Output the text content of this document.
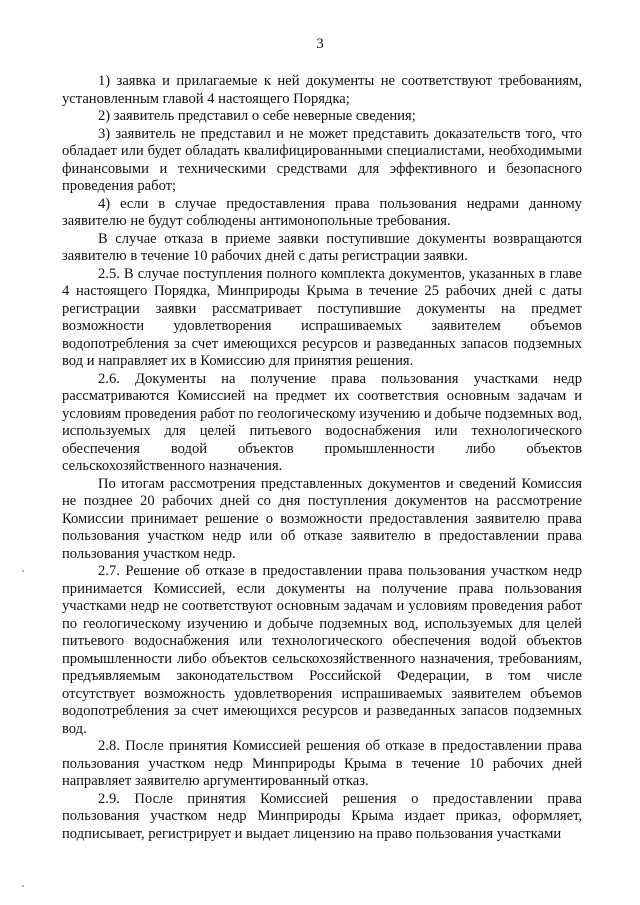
3

1) заявка и прилагаемые к ней документы не соответствуют требованиям, установленным главой 4 настоящего Порядка;

2) заявитель представил о себе неверные сведения;

3) заявитель не представил и не может представить доказательств того, что обладает или будет обладать квалифицированными специалистами, необходимыми финансовыми и техническими средствами для эффективного и безопасного проведения работ;

4) если в случае предоставления права пользования недрами данному заявителю не будут соблюдены антимонопольные требования.

В случае отказа в приеме заявки поступившие документы возвращаются заявителю в течение 10 рабочих дней с даты регистрации заявки.

2.5. В случае поступления полного комплекта документов, указанных в главе 4 настоящего Порядка, Минприроды Крыма в течение 25 рабочих дней с даты регистрации заявки рассматривает поступившие документы на предмет возможности удовлетворения испрашиваемых заявителем объемов водопотребления за счет имеющихся ресурсов и разведанных запасов подземных вод и направляет их в Комиссию для принятия решения.

2.6. Документы на получение права пользования участками недр рассматриваются Комиссией на предмет их соответствия основным задачам и условиям проведения работ по геологическому изучению и добыче подземных вод, используемых для целей питьевого водоснабжения или технологического обеспечения водой объектов промышленности либо объектов сельскохозяйственного назначения.

По итогам рассмотрения представленных документов и сведений Комиссия не позднее 20 рабочих дней со дня поступления документов на рассмотрение Комиссии принимает решение о возможности предоставления заявителю права пользования участком недр или об отказе заявителю в предоставлении права пользования участком недр.

2.7. Решение об отказе в предоставлении права пользования участком недр принимается Комиссией, если документы на получение права пользования участками недр не соответствуют основным задачам и условиям проведения работ по геологическому изучению и добыче подземных вод, используемых для целей питьевого водоснабжения или технологического обеспечения водой объектов промышленности либо объектов сельскохозяйственного назначения, требованиям, предъявляемым законодательством Российской Федерации, в том числе отсутствует возможность удовлетворения испрашиваемых заявителем объемов водопотребления за счет имеющихся ресурсов и разведанных запасов подземных вод.

2.8. После принятия Комиссией решения об отказе в предоставлении права пользования участком недр Минприроды Крыма в течение 10 рабочих дней направляет заявителю аргументированный отказ.

2.9. После принятия Комиссией решения о предоставлении права пользования участком недр Минприроды Крыма издает приказ, оформляет, подписывает, регистрирует и выдает лицензию на право пользования участками
